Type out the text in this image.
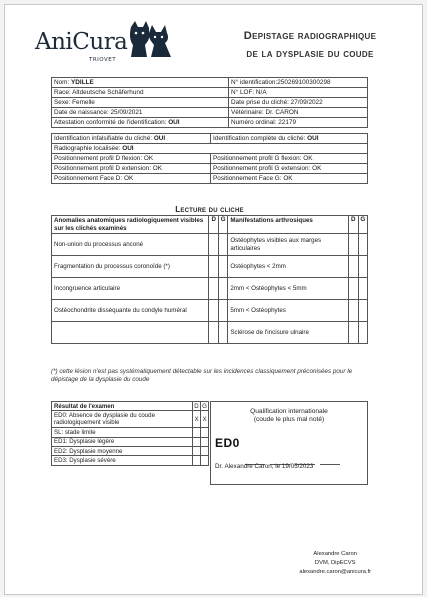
AniCura
TRIOVET
Depistage radiographique
de la dysplasie du coude
Nom: YDILLE	N° identification:250269100300298
Race: Altdeutsche Schäferhund	N° LOF: N/A
Sexe: Femelle	Date prise du cliché: 27/09/2022
Date de naissance: 25/09/2021	Vétérinaire: Dr. CARON
Attestation conformité de l'identification: OUI	Numéro ordinal: 22179
Identification infalsifiable du cliché: OUI	Identification complète du cliché: OUI
Radiographie localisée: OUI	
Positionnement profil D flexion: OK	Positionnement profil G flexion: OK
Positionnement profil D extension: OK	Positionnement profil G extension: OK
Positionnement Face D: OK	Positionnement Face G: OK
Lecture du cliche
Anomalies anatomiques radiologiquement visibles sur les clichés examinés	D	G	Manifestations arthrosiques	D	G
Non-union du processus anconé			Ostéophytes visibles aux marges articulaires		
Fragmentation du processus coronoïde (*)			Ostéophytes < 2mm		
Incongruence articulaire			2mm < Ostéophytes < 5mm		
Ostéochondrite disséquante du condyle huméral			5mm < Ostéophytes		
			Sclérose de l'incisure ulnaire		
(*) cette lésion n'est pas systématiquement détectable sur les incidences classiquement préconisées pour le dépistage de la dysplasie du coude
Résultat de l'examen	D	G
ED0: Absence de dysplasie du coude radiologiquement visible	X	X
SL: stade limite		
ED1: Dysplasie légère		
ED2: Dysplasie moyenne		
ED3: Dysplasie sévère		
Qualification internationale
(coude le plus mal noté)
ED0
Dr. Alexandre Caron, le 19/05/2023
Alexandre Caron
DVM, DipECVS
alexandre.caron@anicura.fr
